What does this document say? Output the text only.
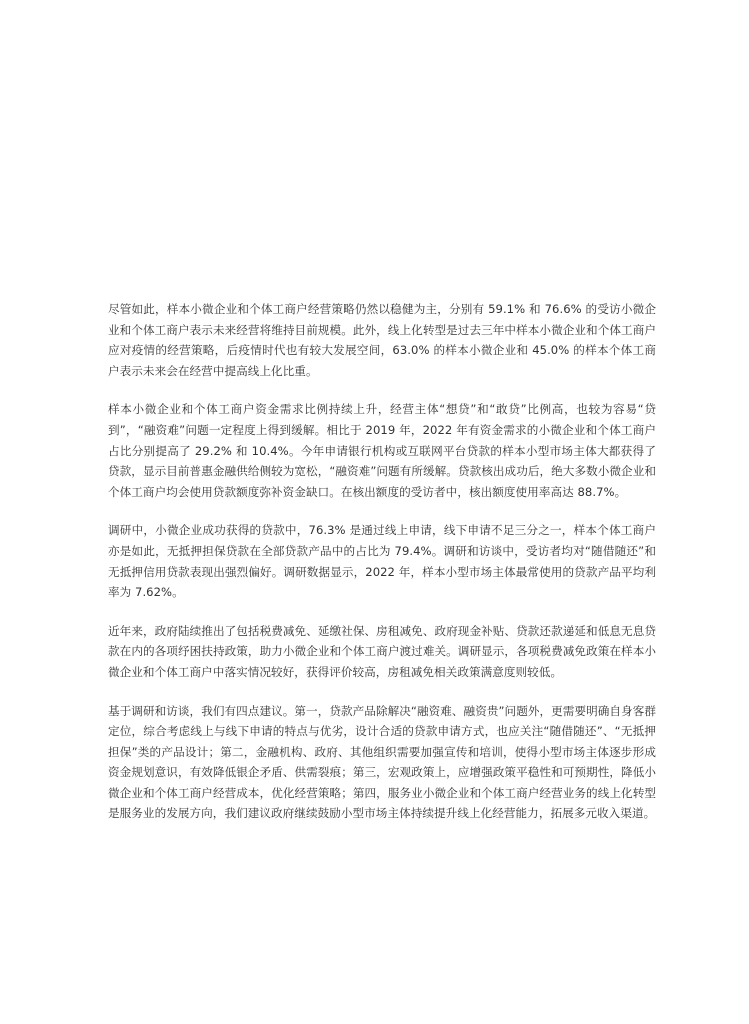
尽管如此，样本小微企业和个体工商户经营策略仍然以稳健为主，分别有 59.1% 和 76.6% 的受访小微企业和个体工商户表示未来经营将维持目前规模。此外，线上化转型是过去三年中样本小微企业和个体工商户应对疫情的经营策略，后疫情时代也有较大发展空间，63.0% 的样本小微企业和 45.0% 的样本个体工商户表示未来会在经营中提高线上化比重。

样本小微企业和个体工商户资金需求比例持续上升，经营主体“想贷”和“敢贷”比例高，也较为容易“贷到”，“融资难”问题一定程度上得到缓解。相比于 2019 年，2022 年有资金需求的小微企业和个体工商户占比分别提高了 29.2% 和 10.4%。今年申请银行机构或互联网平台贷款的样本小型市场主体大都获得了贷款，显示目前普惠金融供给侧较为宽松，“融资难”问题有所缓解。贷款核出成功后，绝大多数小微企业和个体工商户均会使用贷款额度弥补资金缺口。在核出额度的受访者中，核出额度使用率高达 88.7%。

调研中，小微企业成功获得的贷款中，76.3% 是通过线上申请，线下申请不足三分之一，样本个体工商户亦是如此，无抵押担保贷款在全部贷款产品中的占比为 79.4%。调研和访谈中，受访者均对“随借随还”和无抵押信用贷款表现出强烈偏好。调研数据显示，2022 年，样本小型市场主体最常使用的贷款产品平均利率为 7.62%。

近年来，政府陆续推出了包括税费减免、延缴社保、房租减免、政府现金补贴、贷款还款递延和低息无息贷款在内的各项纾困扶持政策，助力小微企业和个体工商户渡过难关。调研显示，各项税费减免政策在样本小微企业和个体工商户中落实情况较好，获得评价较高，房租减免相关政策满意度则较低。

基于调研和访谈，我们有四点建议。第一，贷款产品除解决“融资难、融资贵”问题外，更需要明确自身客群定位，综合考虑线上与线下申请的特点与优劣，设计合适的贷款申请方式，也应关注“随借随还”、“无抵押担保”类的产品设计；第二，金融机构、政府、其他组织需要加强宣传和培训，使得小型市场主体逐步形成资金规划意识，有效降低银企矛盾、供需裂痕；第三，宏观政策上，应增强政策平稳性和可预期性，降低小微企业和个体工商户经营成本，优化经营策略；第四，服务业小微企业和个体工商户经营业务的线上化转型是服务业的发展方向，我们建议政府继续鼓励小型市场主体持续提升线上化经营能力，拓展多元收入渠道。
